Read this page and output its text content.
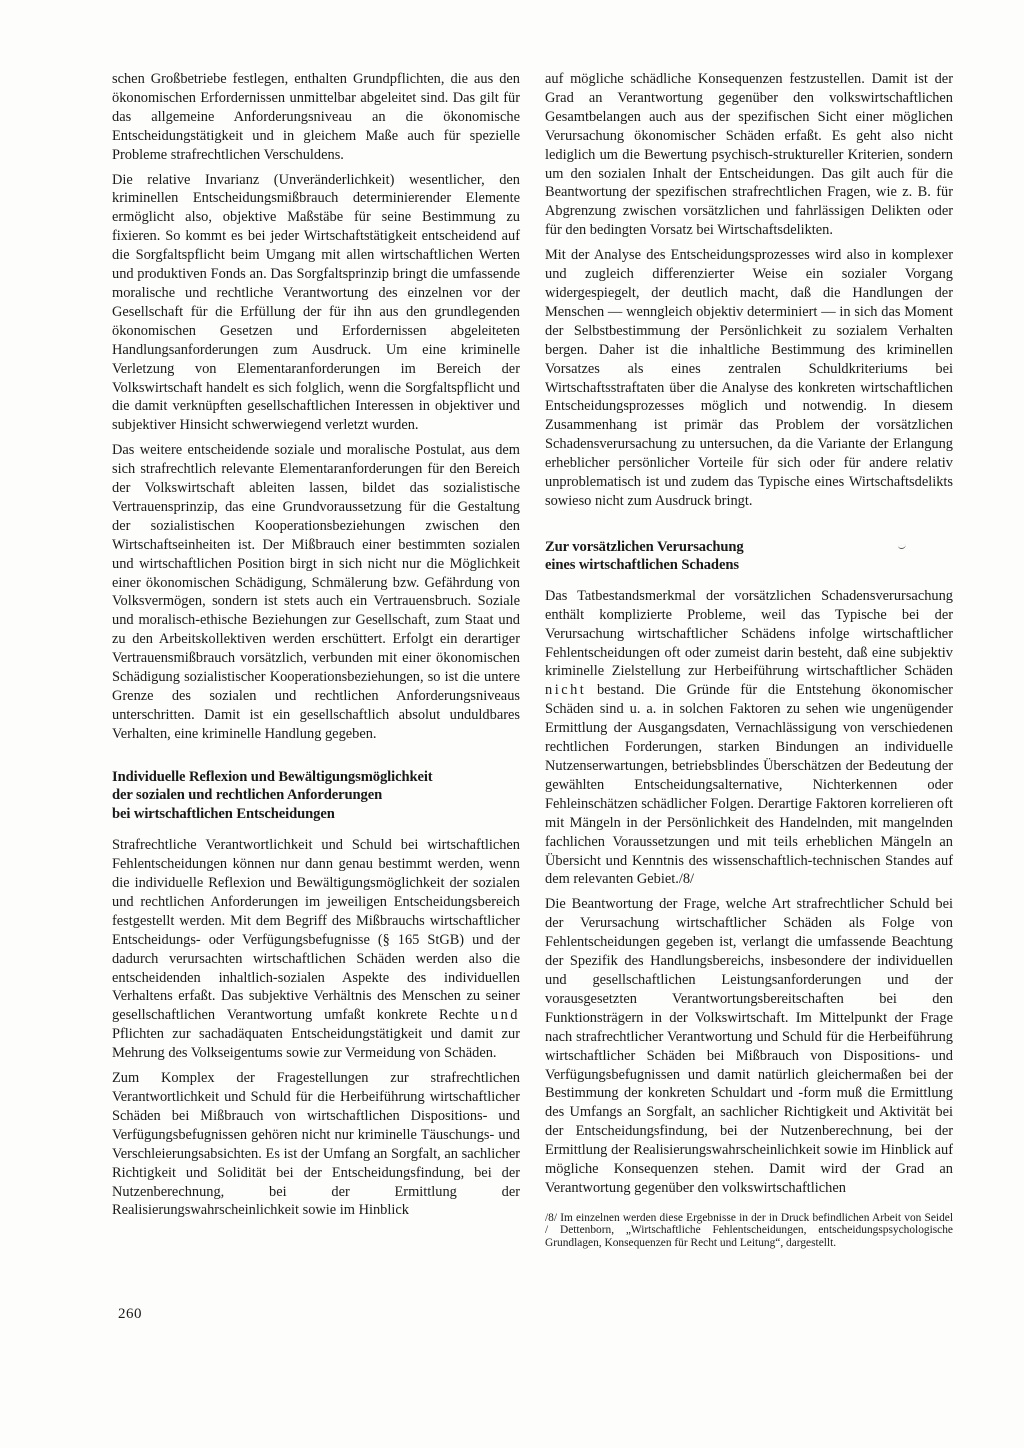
schen Großbetriebe festlegen, enthalten Grundpflichten, die aus den ökonomischen Erfordernissen unmittelbar abgeleitet sind. Das gilt für das allgemeine Anforderungsniveau an die ökonomische Entscheidungstätigkeit und in gleichem Maße auch für spezielle Probleme strafrechtlichen Verschuldens.

Die relative Invarianz (Unveränderlichkeit) wesentlicher, den kriminellen Entscheidungsmißbrauch determinierender Elemente ermöglicht also, objektive Maßstäbe für seine Bestimmung zu fixieren. So kommt es bei jeder Wirtschaftstätigkeit entscheidend auf die Sorgfaltspflicht beim Umgang mit allen wirtschaftlichen Werten und produktiven Fonds an. Das Sorgfaltsprinzip bringt die umfassende moralische und rechtliche Verantwortung des einzelnen vor der Gesellschaft für die Erfüllung der für ihn aus den grundlegenden ökonomischen Gesetzen und Erfordernissen abgeleiteten Handlungsanforderungen zum Ausdruck. Um eine kriminelle Verletzung von Elementaranforderungen im Bereich der Volkswirtschaft handelt es sich folglich, wenn die Sorgfaltspflicht und die damit verknüpften gesellschaftlichen Interessen in objektiver und subjektiver Hinsicht schwerwiegend verletzt wurden.

Das weitere entscheidende soziale und moralische Postulat, aus dem sich strafrechtlich relevante Elementaranforderungen für den Bereich der Volkswirtschaft ableiten lassen, bildet das sozialistische Vertrauensprinzip, das eine Grundvoraussetzung für die Gestaltung der sozialistischen Kooperationsbeziehungen zwischen den Wirtschaftseinheiten ist. Der Mißbrauch einer bestimmten sozialen und wirtschaftlichen Position birgt in sich nicht nur die Möglichkeit einer ökonomischen Schädigung, Schmälerung bzw. Gefährdung von Volksvermögen, sondern ist stets auch ein Vertrauensbruch. Soziale und moralisch-ethische Beziehungen zur Gesellschaft, zum Staat und zu den Arbeitskollektiven werden erschüttert. Erfolgt ein derartiger Vertrauensmißbrauch vorsätzlich, verbunden mit einer ökonomischen Schädigung sozialistischer Kooperationsbeziehungen, so ist die untere Grenze des sozialen und rechtlichen Anforderungsniveaus unterschritten. Damit ist ein gesellschaftlich absolut unduldbares Verhalten, eine kriminelle Handlung gegeben.

Individuelle Reflexion und Bewältigungsmöglichkeit
der sozialen und rechtlichen Anforderungen
bei wirtschaftlichen Entscheidungen

Strafrechtliche Verantwortlichkeit und Schuld bei wirtschaftlichen Fehlentscheidungen können nur dann genau bestimmt werden, wenn die individuelle Reflexion und Bewältigungsmöglichkeit der sozialen und rechtlichen Anforderungen im jeweiligen Entscheidungsbereich festgestellt werden. Mit dem Begriff des Mißbrauchs wirtschaftlicher Entscheidungs- oder Verfügungsbefugnisse (§ 165 StGB) und der dadurch verursachten wirtschaftlichen Schäden werden also die entscheidenden inhaltlich-sozialen Aspekte des individuellen Verhaltens erfaßt. Das subjektive Verhältnis des Menschen zu seiner gesellschaftlichen Verantwortung umfaßt konkrete Rechte und Pflichten zur sachadäquaten Entscheidungstätigkeit und damit zur Mehrung des Volkseigentums sowie zur Vermeidung von Schäden.

Zum Komplex der Fragestellungen zur strafrechtlichen Verantwortlichkeit und Schuld für die Herbeiführung wirtschaftlicher Schäden bei Mißbrauch von wirtschaftlichen Dispositions- und Verfügungsbefugnissen gehören nicht nur kriminelle Täuschungs- und Verschleierungsabsichten. Es ist der Umfang an Sorgfalt, an sachlicher Richtigkeit und Solidität bei der Entscheidungsfindung, bei der Nutzenberechnung, bei der Ermittlung der Realisierungswahrscheinlichkeit sowie im Hinblick

auf mögliche schädliche Konsequenzen festzustellen. Damit ist der Grad an Verantwortung gegenüber den volkswirtschaftlichen Gesamtbelangen auch aus der spezifischen Sicht einer möglichen Verursachung ökonomischer Schäden erfaßt. Es geht also nicht lediglich um die Bewertung psychisch-struktureller Kriterien, sondern um den sozialen Inhalt der Entscheidungen. Das gilt auch für die Beantwortung der spezifischen strafrechtlichen Fragen, wie z. B. für Abgrenzung zwischen vorsätzlichen und fahrlässigen Delikten oder für den bedingten Vorsatz bei Wirtschaftsdelikten.

Mit der Analyse des Entscheidungsprozesses wird also in komplexer und zugleich differenzierter Weise ein sozialer Vorgang widergespiegelt, der deutlich macht, daß die Handlungen der Menschen — wenngleich objektiv determiniert — in sich das Moment der Selbstbestimmung der Persönlichkeit zu sozialem Verhalten bergen. Daher ist die inhaltliche Bestimmung des kriminellen Vorsatzes als eines zentralen Schuldkriteriums bei Wirtschaftsstraftaten über die Analyse des konkreten wirtschaftlichen Entscheidungsprozesses möglich und notwendig. In diesem Zusammenhang ist primär das Problem der vorsätzlichen Schadensverursachung zu untersuchen, da die Variante der Erlangung erheblicher persönlicher Vorteile für sich oder für andere relativ unproblematisch ist und zudem das Typische eines Wirtschaftsdelikts sowieso nicht zum Ausdruck bringt.

Zur vorsätzlichen Verursachung
eines wirtschaftlichen Schadens

Das Tatbestandsmerkmal der vorsätzlichen Schadensverursachung enthält komplizierte Probleme, weil das Typische bei der Verursachung wirtschaftlicher Schädens infolge wirtschaftlicher Fehlentscheidungen oft oder zumeist darin besteht, daß eine subjektiv kriminelle Zielstellung zur Herbeiführung wirtschaftlicher Schäden nicht bestand. Die Gründe für die Entstehung ökonomischer Schäden sind u. a. in solchen Faktoren zu sehen wie ungenügender Ermittlung der Ausgangsdaten, Vernachlässigung von verschiedenen rechtlichen Forderungen, starken Bindungen an individuelle Nutzenserwartungen, betriebsblindes Überschätzen der Bedeutung der gewählten Entscheidungsalternative, Nichterkennen oder Fehleinschätzen schädlicher Folgen. Derartige Faktoren korrelieren oft mit Mängeln in der Persönlichkeit des Handelnden, mit mangelnden fachlichen Voraussetzungen und mit teils erheblichen Mängeln an Übersicht und Kenntnis des wissenschaftlich-technischen Standes auf dem relevanten Gebiet./8/

Die Beantwortung der Frage, welche Art strafrechtlicher Schuld bei der Verursachung wirtschaftlicher Schäden als Folge von Fehlentscheidungen gegeben ist, verlangt die umfassende Beachtung der Spezifik des Handlungsbereichs, insbesondere der individuellen und gesellschaftlichen Leistungsanforderungen und der vorausgesetzten Verantwortungsbereitschaften bei den Funktionsträgern in der Volkswirtschaft. Im Mittelpunkt der Frage nach strafrechtlicher Verantwortung und Schuld für die Herbeiführung wirtschaftlicher Schäden bei Mißbrauch von Dispositions- und Verfügungsbefugnissen und damit natürlich gleichermaßen bei der Bestimmung der konkreten Schuldart und -form muß die Ermittlung des Umfangs an Sorgfalt, an sachlicher Richtigkeit und Aktivität bei der Entscheidungsfindung, bei der Nutzenberechnung, bei der Ermittlung der Realisierungswahrscheinlichkeit sowie im Hinblick auf mögliche Konsequenzen stehen. Damit wird der Grad an Verantwortung gegenüber den volkswirtschaftlichen

/8/ Im einzelnen werden diese Ergebnisse in der in Druck befindlichen Arbeit von Seidel / Dettenborn, „Wirtschaftliche Fehlentscheidungen, entscheidungspsychologische Grundlagen, Konsequenzen für Recht und Leitung“, dargestellt.

260
